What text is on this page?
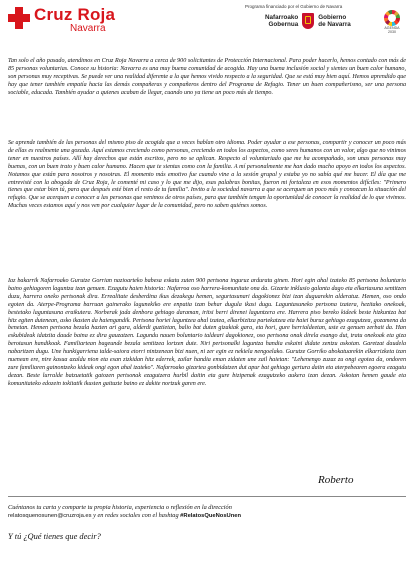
Cruz Roja
Navarra
Programa financiado por el Gobierno de Navarra
Nafarroako
Gobernua
Gobierno
de Navarra	AGENDA
2030

Tan solo el año pasado, atendimos en Cruz Roja Navarra a cerca de 900 solicitantes de Protección Internacional. Para poder hacerlo, hemos contado con más de 85 personas voluntarias. Conoce su historia: Navarra es una muy buena comunidad de acogida. Hay una buena inclusión social y sientes un buen calor humano, son personas muy receptivas. Se puede ver una realidad diferente a la que hemos vivido respecto a la seguridad. Que se está muy bien aquí. Hemos aprendido que hay que tener también empatía hacia las demás compañeras y compañeros dentro del Programa de Refugio. Tener un buen compañerismo, ser una persona sociable, educada. También ayudar a quienes acaban de llegar, cuando uno ya tiene un poco más de tiempo.

Se aprende también de las personas del mismo piso de acogida que a veces hablan otro idioma. Poder ayudar a ese personas, compartir y conocer un poco más de ellas es realmente una gozada. Aquí estamos creciendo como personas, creciendo en todos los aspectos, como seres humanos con un valor, algo que no vinimos tener en nuestros países. Allí hay derechos que están escritos, pero no se aplican. Respecto al voluntariado que me ha acompañado, son unas personas muy buenas, con un buen trato y buen calor humano. Hacen que te sientas como con la familia. A mí personalmente me han dado mucho apoyo en todos los aspectos. Notamos que están para nosotros y nosotras. El momento más emotivo fue cuando vine a la sesión grupal y estaba yo no sabía qué me hacer. El día que me entrevisté con la abogada de Cruz Roja, le comenté mi caso y lo que me dijo, esas palabras bonitas, fueron mi fortaleza en esos momentos difíciles: "Primero tienes que estar bien tú, para que después esté bien el resto de tu familia". Invito a la sociedad navarra a que se acerquen un poco más y conozcan la situación del refugio. Que se acerquen a conocer a las personas que venimos de otros países, para que también tengan la oportunidad de conocer la realidad de lo que vivimos. Muchas veces estamos aquí y nos ven por cualquier lugar de la comunidad, pero no saben quiénes somos.

Iaz bakarrik Nafarroako Gurutze Gorrian nazioarteko babesa eskatu zuten 900 pertsona inguruz arduratu ginen. Hori egin ahal izateko 85 pertsona boluntario baino gehiagoren laguntza izan genuen. Ezagutu haien historia: Nafarroa oso harrera-komunitate ona da. Gizarte inklusio galanta dago eta elkartasuna sentitzen duzu, harrera oneko pertsonak dira. Errealitate desberdina ikus dezakegu hemen, segurtasunari dagokionez bizi izan duguarekin alderatuz. Hemen, oso ondo egoten da. Aterpe-Programa barruan gainerako lagunekiko ere enpatia izan behar dugula ikasi dugu. Laguntasuneko pertsona izatera, hezitako onekoak, bestetako laguntasuna eraikutera. Norberak jada denbora gehiago daraman, iritsi berri direnei laguntzera ere. Harrera piso bereko kideek beste hizkuntza bat hitz egiten dutenean, asko ikasten da haiengandik. Pertsona horiei laguntzea ahal izatea, elkarbizitza partekatzea eta haiei buruz gehiago ezagutzea, gozamena da benetan. Hemen pertsona bezala hazten ari gara, alderdi guztietan, balio bat duten gizakiak gara, eta hori, gure herrialdeetan, uste ez genuen zerbait da. Han eskubideak idatzita daude baina ez dira gauzatzen. Lagundu nauen boluntario taldeari dagokionez, oso pertsona onak direla esango dut, tratu onekoak eta giza berotasun handikoak. Familiartean bageunde bezala sentitzea lortzen dute. Niri pertsonalki laguntza handia eskaini didate zentzu askotan. Garetzat daudela nabaritzen dugu. Une hunkigarriena talde-saiora etorri nintzenean bizi nuen, ni zer egin ez nekiela nengoelako. Gurutze Gorriko abokatuarekin elkarrizketa izan nuenean ere, nire kasua azaldu nion eta esan zizkidan hitz ederrek, zailar handia eman zidaten une zail haietan: "Lehenengo zuzaz zu ongi egotea da, ondoren zure familiaren gainontzeko kideak ongi egon ahal izateko". Nafarroako gizartea gonbidatzen dut apur bat gehiago gertura daitn eta aterpebearen egoera ezagutu dezan. Beste lurralde batzuetatik gatozen pertsonak ezagutzera hurbil daitin eta gure bizipenak ezagutzeko aukera izan dezan. Askotan hemen gaude eta komunitateko edozein tokitatik ikusten gaituzte baino ez dakite nortzuk garen ere.

Roberto
Cuéntanos tu carta y comparte tu propia historia, experiencia o reflexión en la dirección
relatosquenosunen@cruzroja.es y en redes sociales con el hashtag #RelatosQueNosUnen
Y tú ¿Qué tienes que decir?
